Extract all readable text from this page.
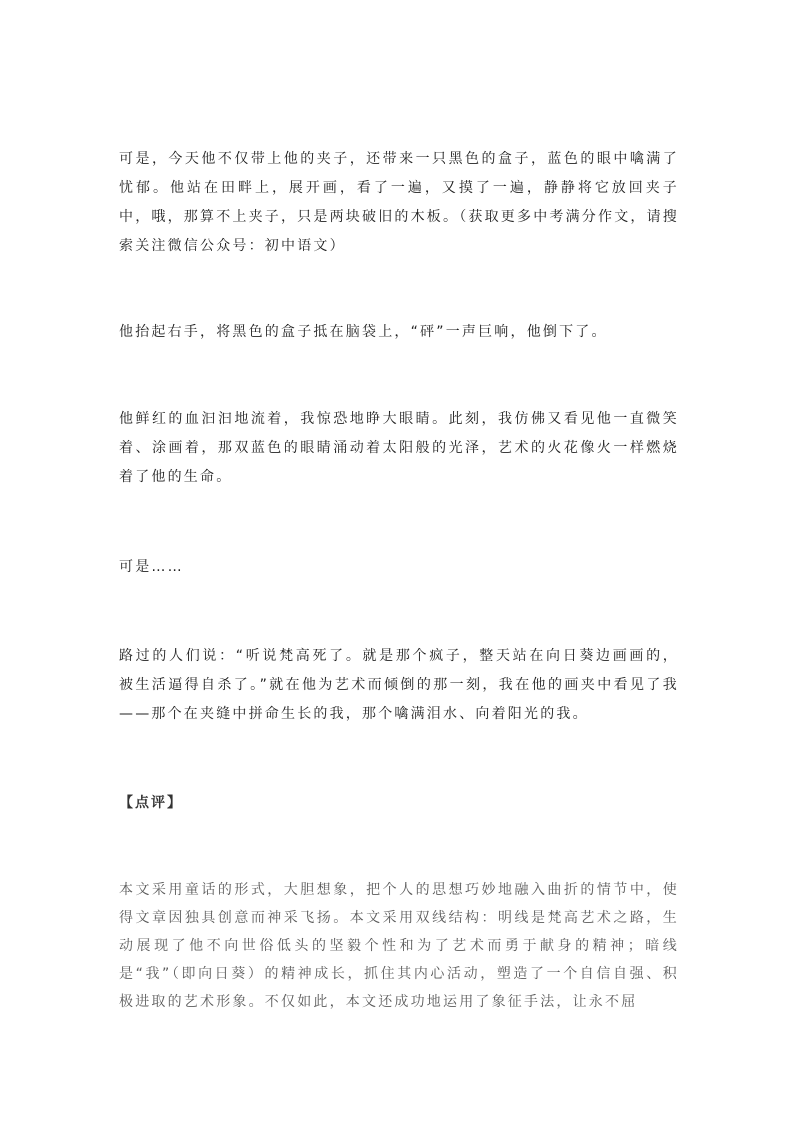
可是，今天他不仅带上他的夹子，还带来一只黑色的盒子，蓝色的眼中噙满了忧郁。他站在田畔上，展开画，看了一遍，又摸了一遍，静静将它放回夹子中，哦，那算不上夹子，只是两块破旧的木板。（获取更多中考满分作文，请搜索关注微信公众号：初中语文）

他抬起右手，将黑色的盒子抵在脑袋上，“砰”一声巨响，他倒下了。

他鲜红的血汩汩地流着，我惊恐地睁大眼睛。此刻，我仿佛又看见他一直微笑着、涂画着，那双蓝色的眼睛涌动着太阳般的光泽，艺术的火花像火一样燃烧着了他的生命。

可是……

路过的人们说：“听说梵高死了。就是那个疯子，整天站在向日葵边画画的，被生活逼得自杀了。”就在他为艺术而倾倒的那一刻，我在他的画夹中看见了我——那个在夹缝中拼命生长的我，那个噙满泪水、向着阳光的我。

【点评】

本文采用童话的形式，大胆想象，把个人的思想巧妙地融入曲折的情节中，使得文章因独具创意而神采飞扬。本文采用双线结构：明线是梵高艺术之路，生动展现了他不向世俗低头的坚毅个性和为了艺术而勇于献身的精神；暗线是“我”（即向日葵）的精神成长，抓住其内心活动，塑造了一个自信自强、积极进取的艺术形象。不仅如此，本文还成功地运用了象征手法，让永不屈
